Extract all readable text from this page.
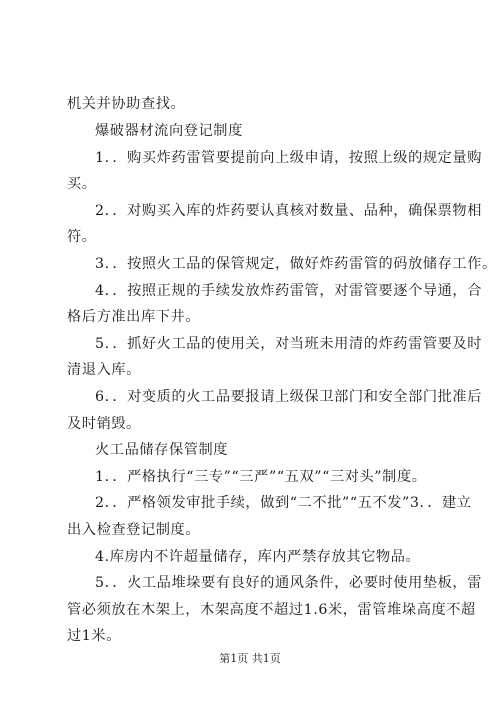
机关并协助查找。
爆破器材流向登记制度
1．．购买炸药雷管要提前向上级申请，按照上级的规定量购
买。
2．．对购买入库的炸药要认真核对数量、品种，确保票物相
符。
3．．按照火工品的保管规定，做好炸药雷管的码放储存工作。
4．．按照正规的手续发放炸药雷管，对雷管要逐个导通，合
格后方准出库下井。
5．．抓好火工品的使用关，对当班未用清的炸药雷管要及时
清退入库。
6．．对变质的火工品要报请上级保卫部门和安全部门批准后
及时销毁。
火工品储存保管制度
1．．严格执行“三专”“三严”“五双”“三对头”制度。
2．．严格领发审批手续，做到“二不批”“五不发”3．．建立
出入检查登记制度。
4.库房内不许超量储存，库内严禁存放其它物品。
5．．火工品堆垛要有良好的通风条件，必要时使用垫板，雷
管必须放在木架上，木架高度不超过1.6米，雷管堆垛高度不超
过1米。
第1页 共1页
